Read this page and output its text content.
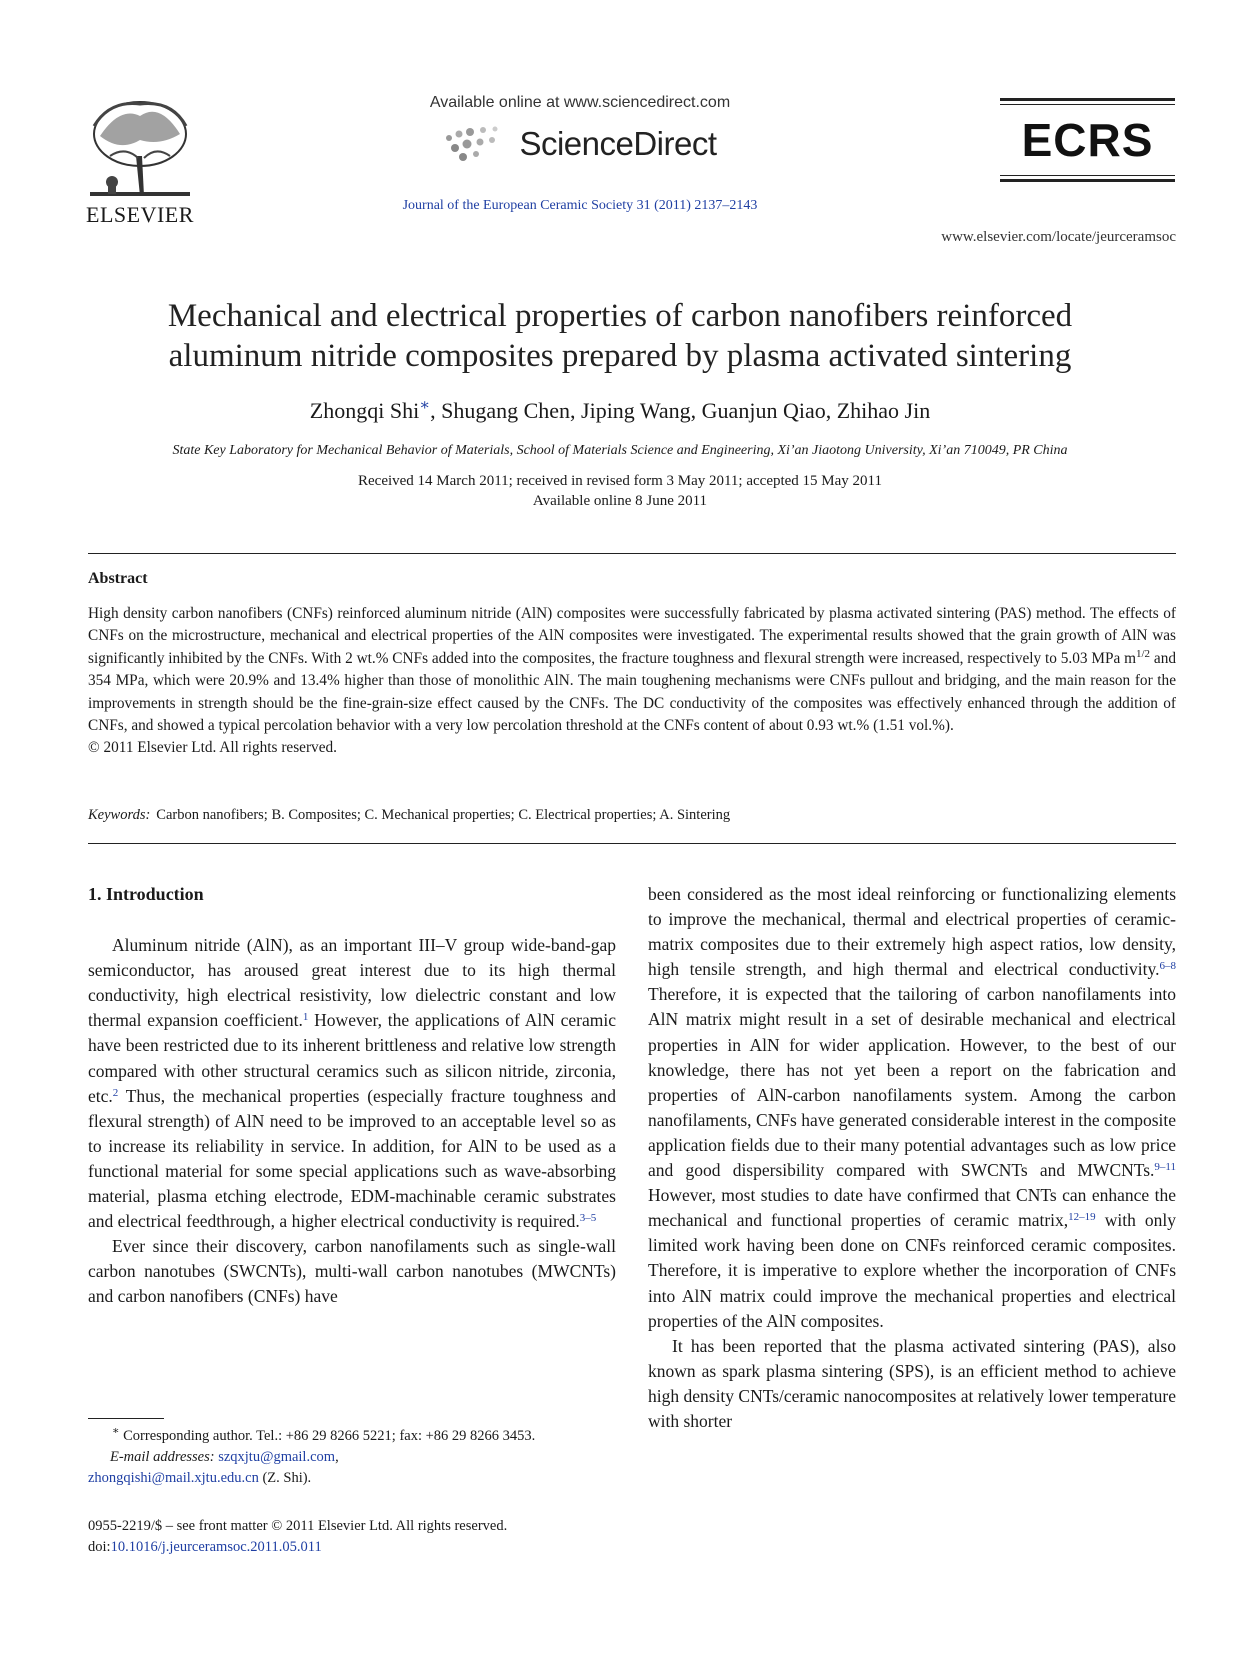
ELSEVIER
Available online at www.sciencedirect.com
ScienceDirect
Journal of the European Ceramic Society 31 (2011) 2137–2143
ECRS
www.elsevier.com/locate/jeurceramsoc
Mechanical and electrical properties of carbon nanofibers reinforced
aluminum nitride composites prepared by plasma activated sintering
Zhongqi Shi∗, Shugang Chen, Jiping Wang, Guanjun Qiao, Zhihao Jin
State Key Laboratory for Mechanical Behavior of Materials, School of Materials Science and Engineering, Xi’an Jiaotong University, Xi’an 710049, PR China
Received 14 March 2011; received in revised form 3 May 2011; accepted 15 May 2011
Available online 8 June 2011
Abstract
High density carbon nanofibers (CNFs) reinforced aluminum nitride (AlN) composites were successfully fabricated by plasma activated sintering (PAS) method. The effects of CNFs on the microstructure, mechanical and electrical properties of the AlN composites were investigated. The experimental results showed that the grain growth of AlN was significantly inhibited by the CNFs. With 2 wt.% CNFs added into the composites, the fracture toughness and flexural strength were increased, respectively to 5.03 MPa $m^{1/2}$ and 354 MPa, which were 20.9% and 13.4% higher than those of monolithic AlN. The main toughening mechanisms were CNFs pullout and bridging, and the main reason for the improvements in strength should be the fine-grain-size effect caused by the CNFs. The DC conductivity of the composites was effectively enhanced through the addition of CNFs, and showed a typical percolation behavior with a very low percolation threshold at the CNFs content of about 0.93 wt.% (1.51 vol.%).
© 2011 Elsevier Ltd. All rights reserved.
Keywords: Carbon nanofibers; B. Composites; C. Mechanical properties; C. Electrical properties; A. Sintering
1. Introduction

Aluminum nitride (AlN), as an important III–V group wide-band-gap semiconductor, has aroused great interest due to its high thermal conductivity, high electrical resistivity, low dielectric constant and low thermal expansion coefficient.$^1$ However, the applications of AlN ceramic have been restricted due to its inherent brittleness and relative low strength compared with other structural ceramics such as silicon nitride, zirconia, etc.$^2$ Thus, the mechanical properties (especially fracture toughness and flexural strength) of AlN need to be improved to an acceptable level so as to increase its reliability in service. In addition, for AlN to be used as a functional material for some special applications such as wave-absorbing material, plasma etching electrode, EDM-machinable ceramic substrates and electrical feedthrough, a higher electrical conductivity is required.$^{3-5}$

Ever since their discovery, carbon nanofilaments such as single-wall carbon nanotubes (SWCNTs), multi-wall carbon nanotubes (MWCNTs) and carbon nanofibers (CNFs) have

been considered as the most ideal reinforcing or functionalizing elements to improve the mechanical, thermal and electrical properties of ceramic-matrix composites due to their extremely high aspect ratios, low density, high tensile strength, and high thermal and electrical conductivity.$^{6-8}$ Therefore, it is expected that the tailoring of carbon nanofilaments into AlN matrix might result in a set of desirable mechanical and electrical properties in AlN for wider application. However, to the best of our knowledge, there has not yet been a report on the fabrication and properties of AlN-carbon nanofilaments system. Among the carbon nanofilaments, CNFs have generated considerable interest in the composite application fields due to their many potential advantages such as low price and good dispersibility compared with SWCNTs and MWCNTs.$^{9-11}$ However, most studies to date have confirmed that CNTs can enhance the mechanical and functional properties of ceramic matrix,$^{12-19}$ with only limited work having been done on CNFs reinforced ceramic composites. Therefore, it is imperative to explore whether the incorporation of CNFs into AlN matrix could improve the mechanical properties and electrical properties of the AlN composites.

It has been reported that the plasma activated sintering (PAS), also known as spark plasma sintering (SPS), is an efficient method to achieve high density CNTs/ceramic nanocomposites at relatively lower temperature with shorter

∗ Corresponding author. Tel.: +86 29 8266 5221; fax: +86 29 8266 3453.
E-mail addresses: szqxjtu@gmail.com,
zhongqishi@mail.xjtu.edu.cn (Z. Shi).
0955-2219/$ – see front matter © 2011 Elsevier Ltd. All rights reserved.
doi:10.1016/j.jeurceramsoc.2011.05.011
